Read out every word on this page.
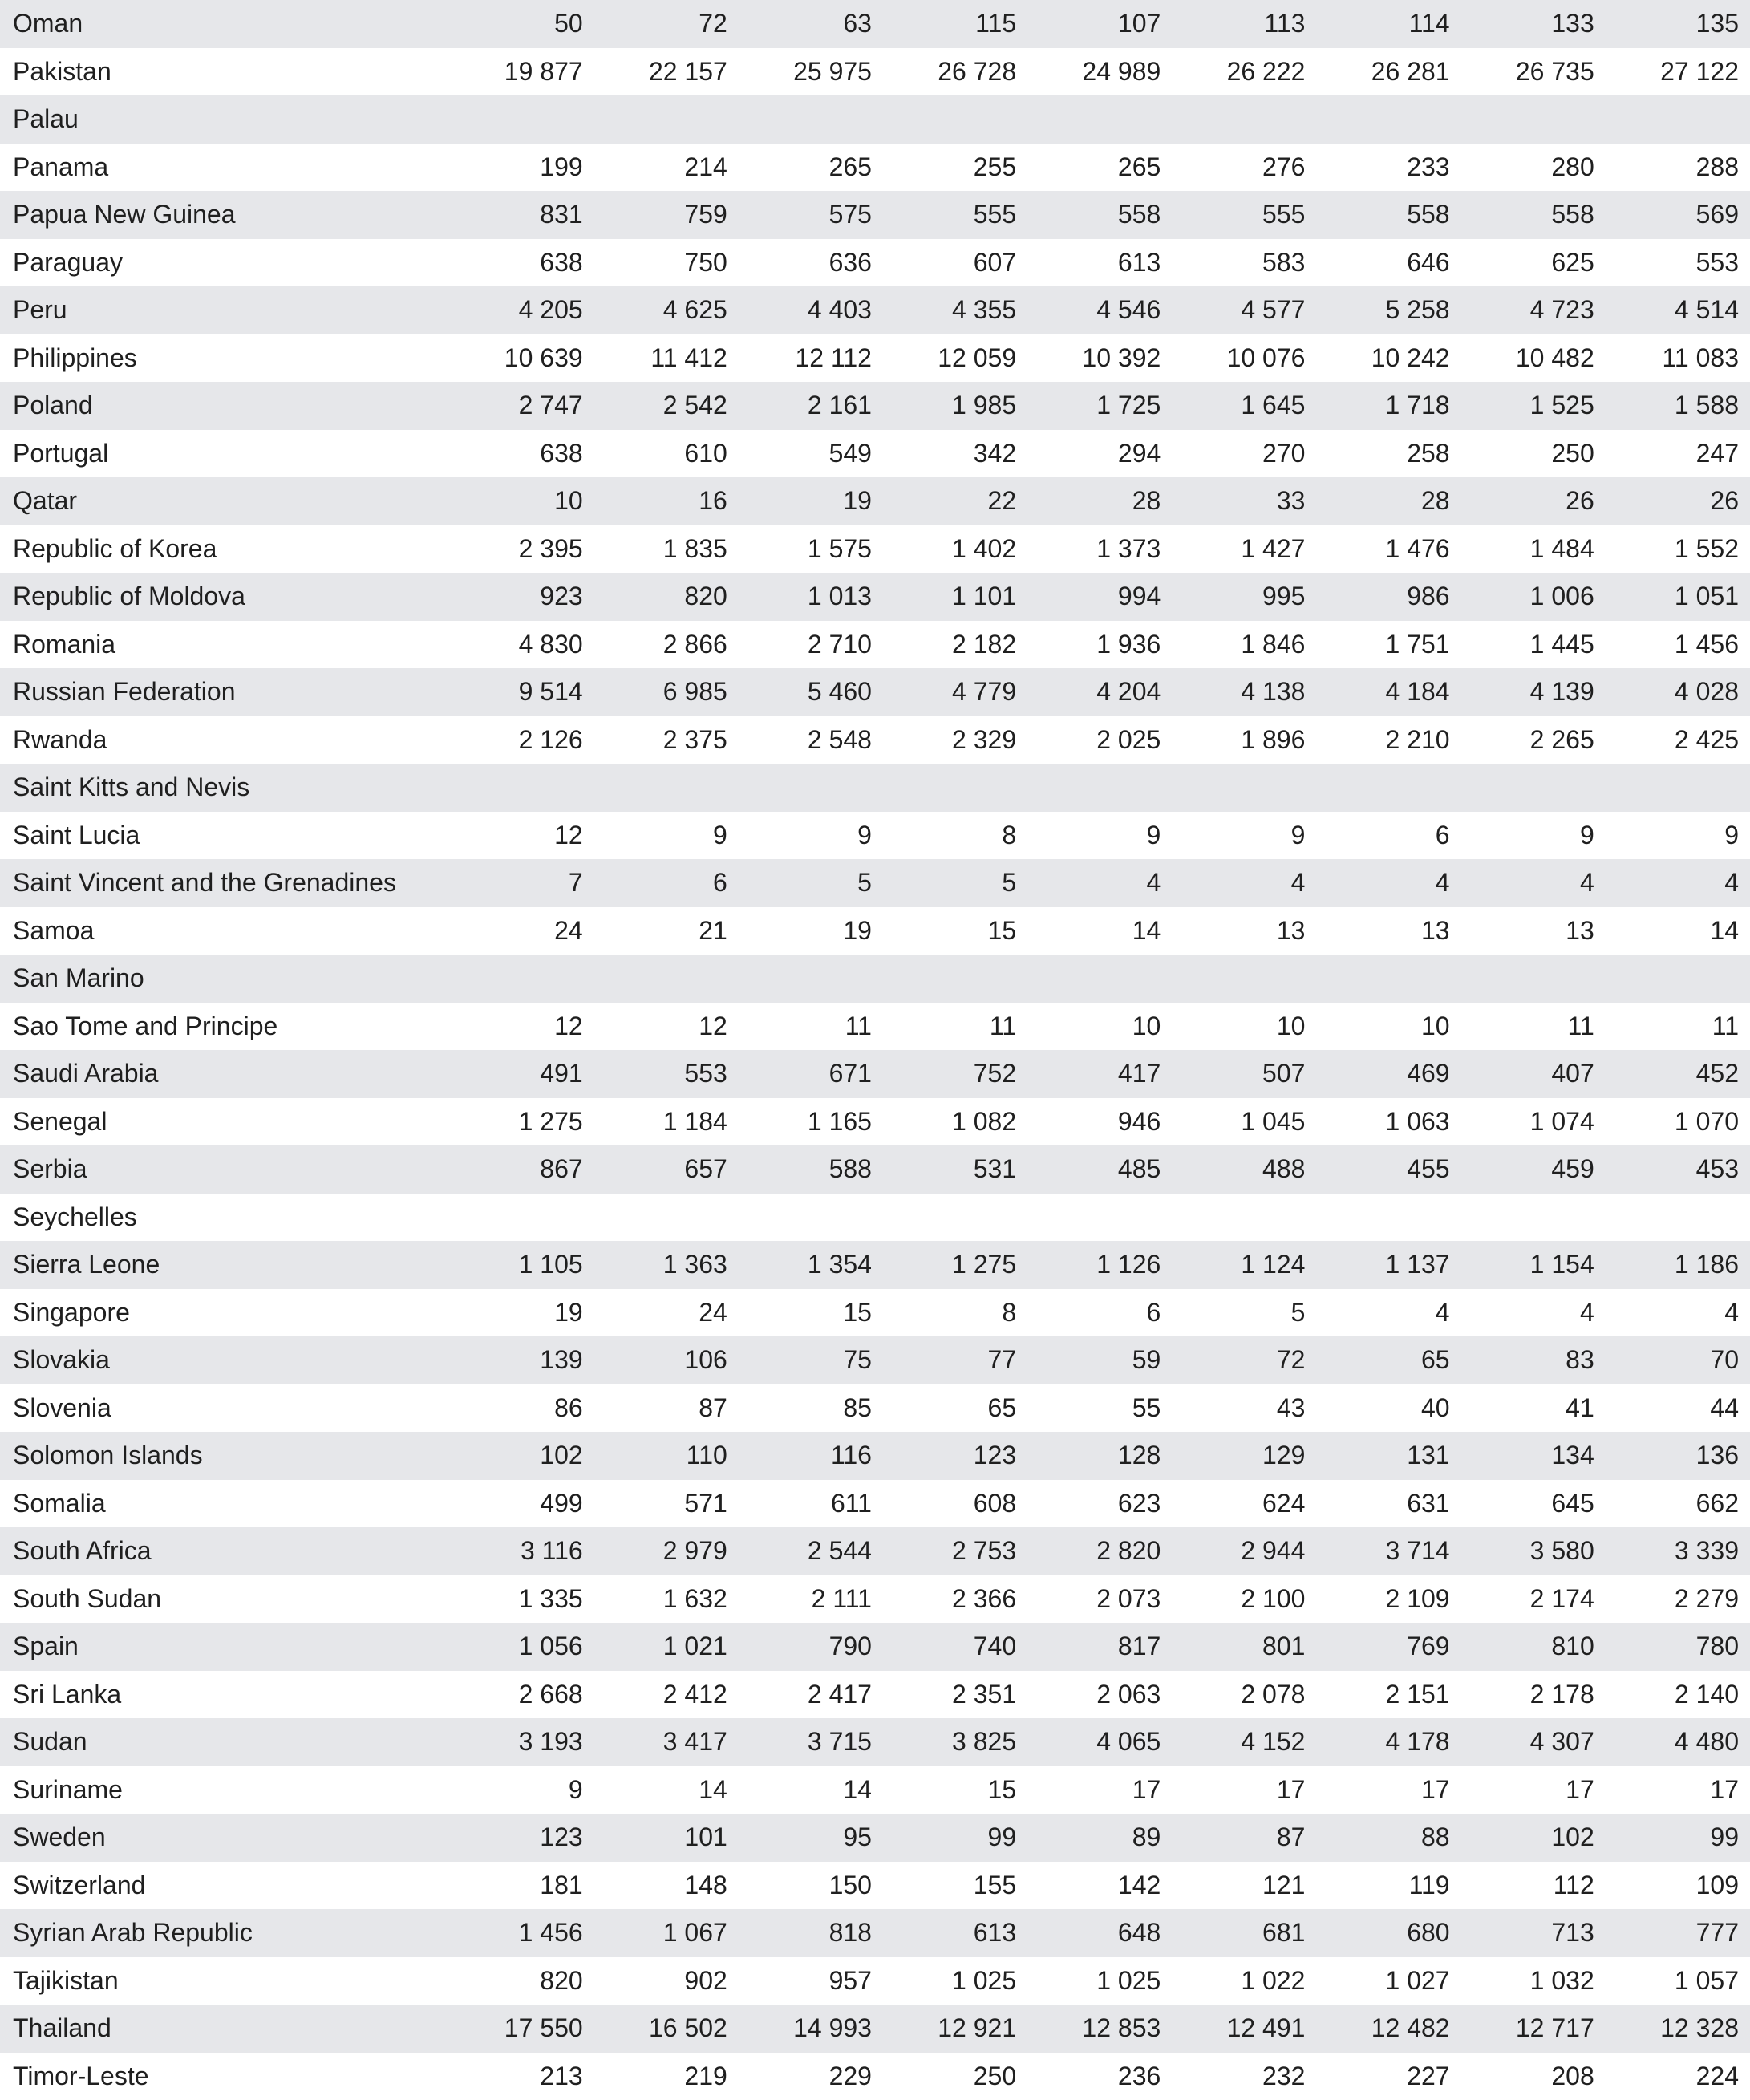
Oman	50	72	63	115	107	113	114	133	135
Pakistan	19 877	22 157	25 975	26 728	24 989	26 222	26 281	26 735	27 122
Palau									
Panama	199	214	265	255	265	276	233	280	288
Papua New Guinea	831	759	575	555	558	555	558	558	569
Paraguay	638	750	636	607	613	583	646	625	553
Peru	4 205	4 625	4 403	4 355	4 546	4 577	5 258	4 723	4 514
Philippines	10 639	11 412	12 112	12 059	10 392	10 076	10 242	10 482	11 083
Poland	2 747	2 542	2 161	1 985	1 725	1 645	1 718	1 525	1 588
Portugal	638	610	549	342	294	270	258	250	247
Qatar	10	16	19	22	28	33	28	26	26
Republic of Korea	2 395	1 835	1 575	1 402	1 373	1 427	1 476	1 484	1 552
Republic of Moldova	923	820	1 013	1 101	994	995	986	1 006	1 051
Romania	4 830	2 866	2 710	2 182	1 936	1 846	1 751	1 445	1 456
Russian Federation	9 514	6 985	5 460	4 779	4 204	4 138	4 184	4 139	4 028
Rwanda	2 126	2 375	2 548	2 329	2 025	1 896	2 210	2 265	2 425
Saint Kitts and Nevis									
Saint Lucia	12	9	9	8	9	9	6	9	9
Saint Vincent and the Grenadines	7	6	5	5	4	4	4	4	4
Samoa	24	21	19	15	14	13	13	13	14
San Marino									
Sao Tome and Principe	12	12	11	11	10	10	10	11	11
Saudi Arabia	491	553	671	752	417	507	469	407	452
Senegal	1 275	1 184	1 165	1 082	946	1 045	1 063	1 074	1 070
Serbia	867	657	588	531	485	488	455	459	453
Seychelles									
Sierra Leone	1 105	1 363	1 354	1 275	1 126	1 124	1 137	1 154	1 186
Singapore	19	24	15	8	6	5	4	4	4
Slovakia	139	106	75	77	59	72	65	83	70
Slovenia	86	87	85	65	55	43	40	41	44
Solomon Islands	102	110	116	123	128	129	131	134	136
Somalia	499	571	611	608	623	624	631	645	662
South Africa	3 116	2 979	2 544	2 753	2 820	2 944	3 714	3 580	3 339
South Sudan	1 335	1 632	2 111	2 366	2 073	2 100	2 109	2 174	2 279
Spain	1 056	1 021	790	740	817	801	769	810	780
Sri Lanka	2 668	2 412	2 417	2 351	2 063	2 078	2 151	2 178	2 140
Sudan	3 193	3 417	3 715	3 825	4 065	4 152	4 178	4 307	4 480
Suriname	9	14	14	15	17	17	17	17	17
Sweden	123	101	95	99	89	87	88	102	99
Switzerland	181	148	150	155	142	121	119	112	109
Syrian Arab Republic	1 456	1 067	818	613	648	681	680	713	777
Tajikistan	820	902	957	1 025	1 025	1 022	1 027	1 032	1 057
Thailand	17 550	16 502	14 993	12 921	12 853	12 491	12 482	12 717	12 328
Timor-Leste	213	219	229	250	236	232	227	208	224
